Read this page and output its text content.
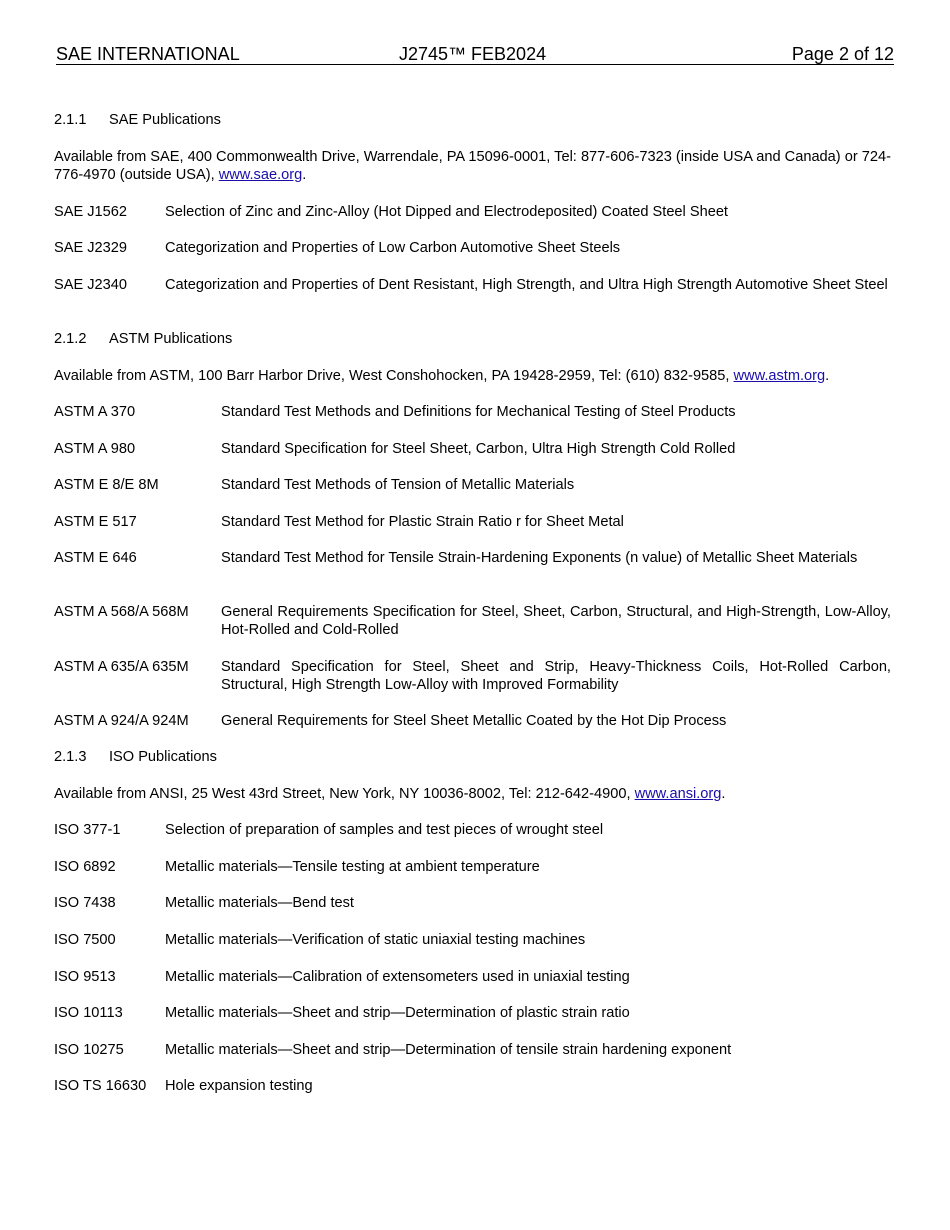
SAE INTERNATIONAL	J2745™ FEB2024	Page 2 of 12
2.1.1 SAE Publications
Available from SAE, 400 Commonwealth Drive, Warrendale, PA 15096-0001, Tel: 877-606-7323 (inside USA and Canada) or 724-776-4970 (outside USA), www.sae.org.
SAE J1562	Selection of Zinc and Zinc-Alloy (Hot Dipped and Electrodeposited) Coated Steel Sheet
SAE J2329	Categorization and Properties of Low Carbon Automotive Sheet Steels
SAE J2340	Categorization and Properties of Dent Resistant, High Strength, and Ultra High Strength Automotive Sheet Steel
2.1.2 ASTM Publications
Available from ASTM, 100 Barr Harbor Drive, West Conshohocken, PA 19428-2959, Tel: (610) 832-9585, www.astm.org.
ASTM A 370	Standard Test Methods and Definitions for Mechanical Testing of Steel Products
ASTM A 980	Standard Specification for Steel Sheet, Carbon, Ultra High Strength Cold Rolled
ASTM E 8/E 8M	Standard Test Methods of Tension of Metallic Materials
ASTM E 517	Standard Test Method for Plastic Strain Ratio r for Sheet Metal
ASTM E 646	Standard Test Method for Tensile Strain-Hardening Exponents (n value) of Metallic Sheet Materials
ASTM A 568/A 568M General Requirements Specification for Steel, Sheet, Carbon, Structural, and High-Strength, Low-Alloy, Hot-Rolled and Cold-Rolled
ASTM A 635/A 635M Standard Specification for Steel, Sheet and Strip, Heavy-Thickness Coils, Hot-Rolled Carbon, Structural, High Strength Low-Alloy with Improved Formability
ASTM A 924/A 924M General Requirements for Steel Sheet Metallic Coated by the Hot Dip Process
2.1.3 ISO Publications
Available from ANSI, 25 West 43rd Street, New York, NY 10036-8002, Tel: 212-642-4900, www.ansi.org.
ISO 377-1	Selection of preparation of samples and test pieces of wrought steel
ISO 6892	Metallic materials—Tensile testing at ambient temperature
ISO 7438	Metallic materials—Bend test
ISO 7500	Metallic materials—Verification of static uniaxial testing machines
ISO 9513	Metallic materials—Calibration of extensometers used in uniaxial testing
ISO 10113	Metallic materials—Sheet and strip—Determination of plastic strain ratio
ISO 10275	Metallic materials—Sheet and strip—Determination of tensile strain hardening exponent
ISO TS 16630 Hole expansion testing
